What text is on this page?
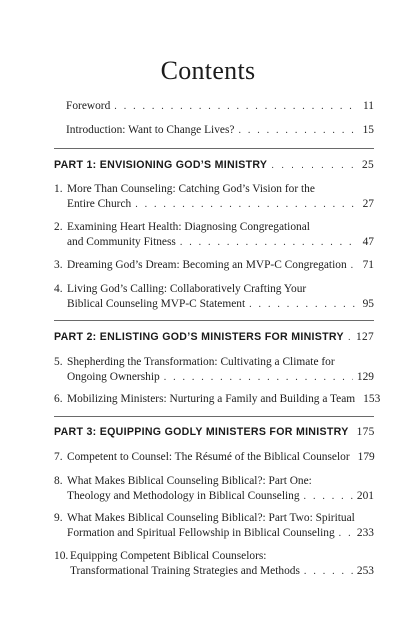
Contents
Foreword . . .	11
Introduction: Want to Change Lives? . . .	15
PART 1: ENVISIONING GOD’S MINISTRY . . .	25
1. More Than Counseling: Catching God’s Vision for the
Entire Church . . .	27
2. Examining Heart Health: Diagnosing Congregational
and Community Fitness . . .	47
3. Dreaming God’s Dream: Becoming an MVP-C Congregation . . . 71
4. Living God’s Calling: Collaboratively Crafting Your
Biblical Counseling MVP-C Statement . . .	95
PART 2: ENLISTING GOD’S MINISTERS FOR MINISTRY . . . 127
5. Shepherding the Transformation: Cultivating a Climate for
Ongoing Ownership . . .	129
6. Mobilizing Ministers: Nurturing a Family and Building a Team 153
PART 3: EQUIPPING GODLY MINISTERS FOR MINISTRY 175
7. Competent to Counsel: The Résumé of the Biblical Counselor 179
8. What Makes Biblical Counseling Biblical?: Part One:
Theology and Methodology in Biblical Counseling . . .	201
9. What Makes Biblical Counseling Biblical?: Part Two: Spiritual
Formation and Spiritual Fellowship in Biblical Counseling . . . 233
10. Equipping Competent Biblical Counselors:
Transformational Training Strategies and Methods . . .	253
